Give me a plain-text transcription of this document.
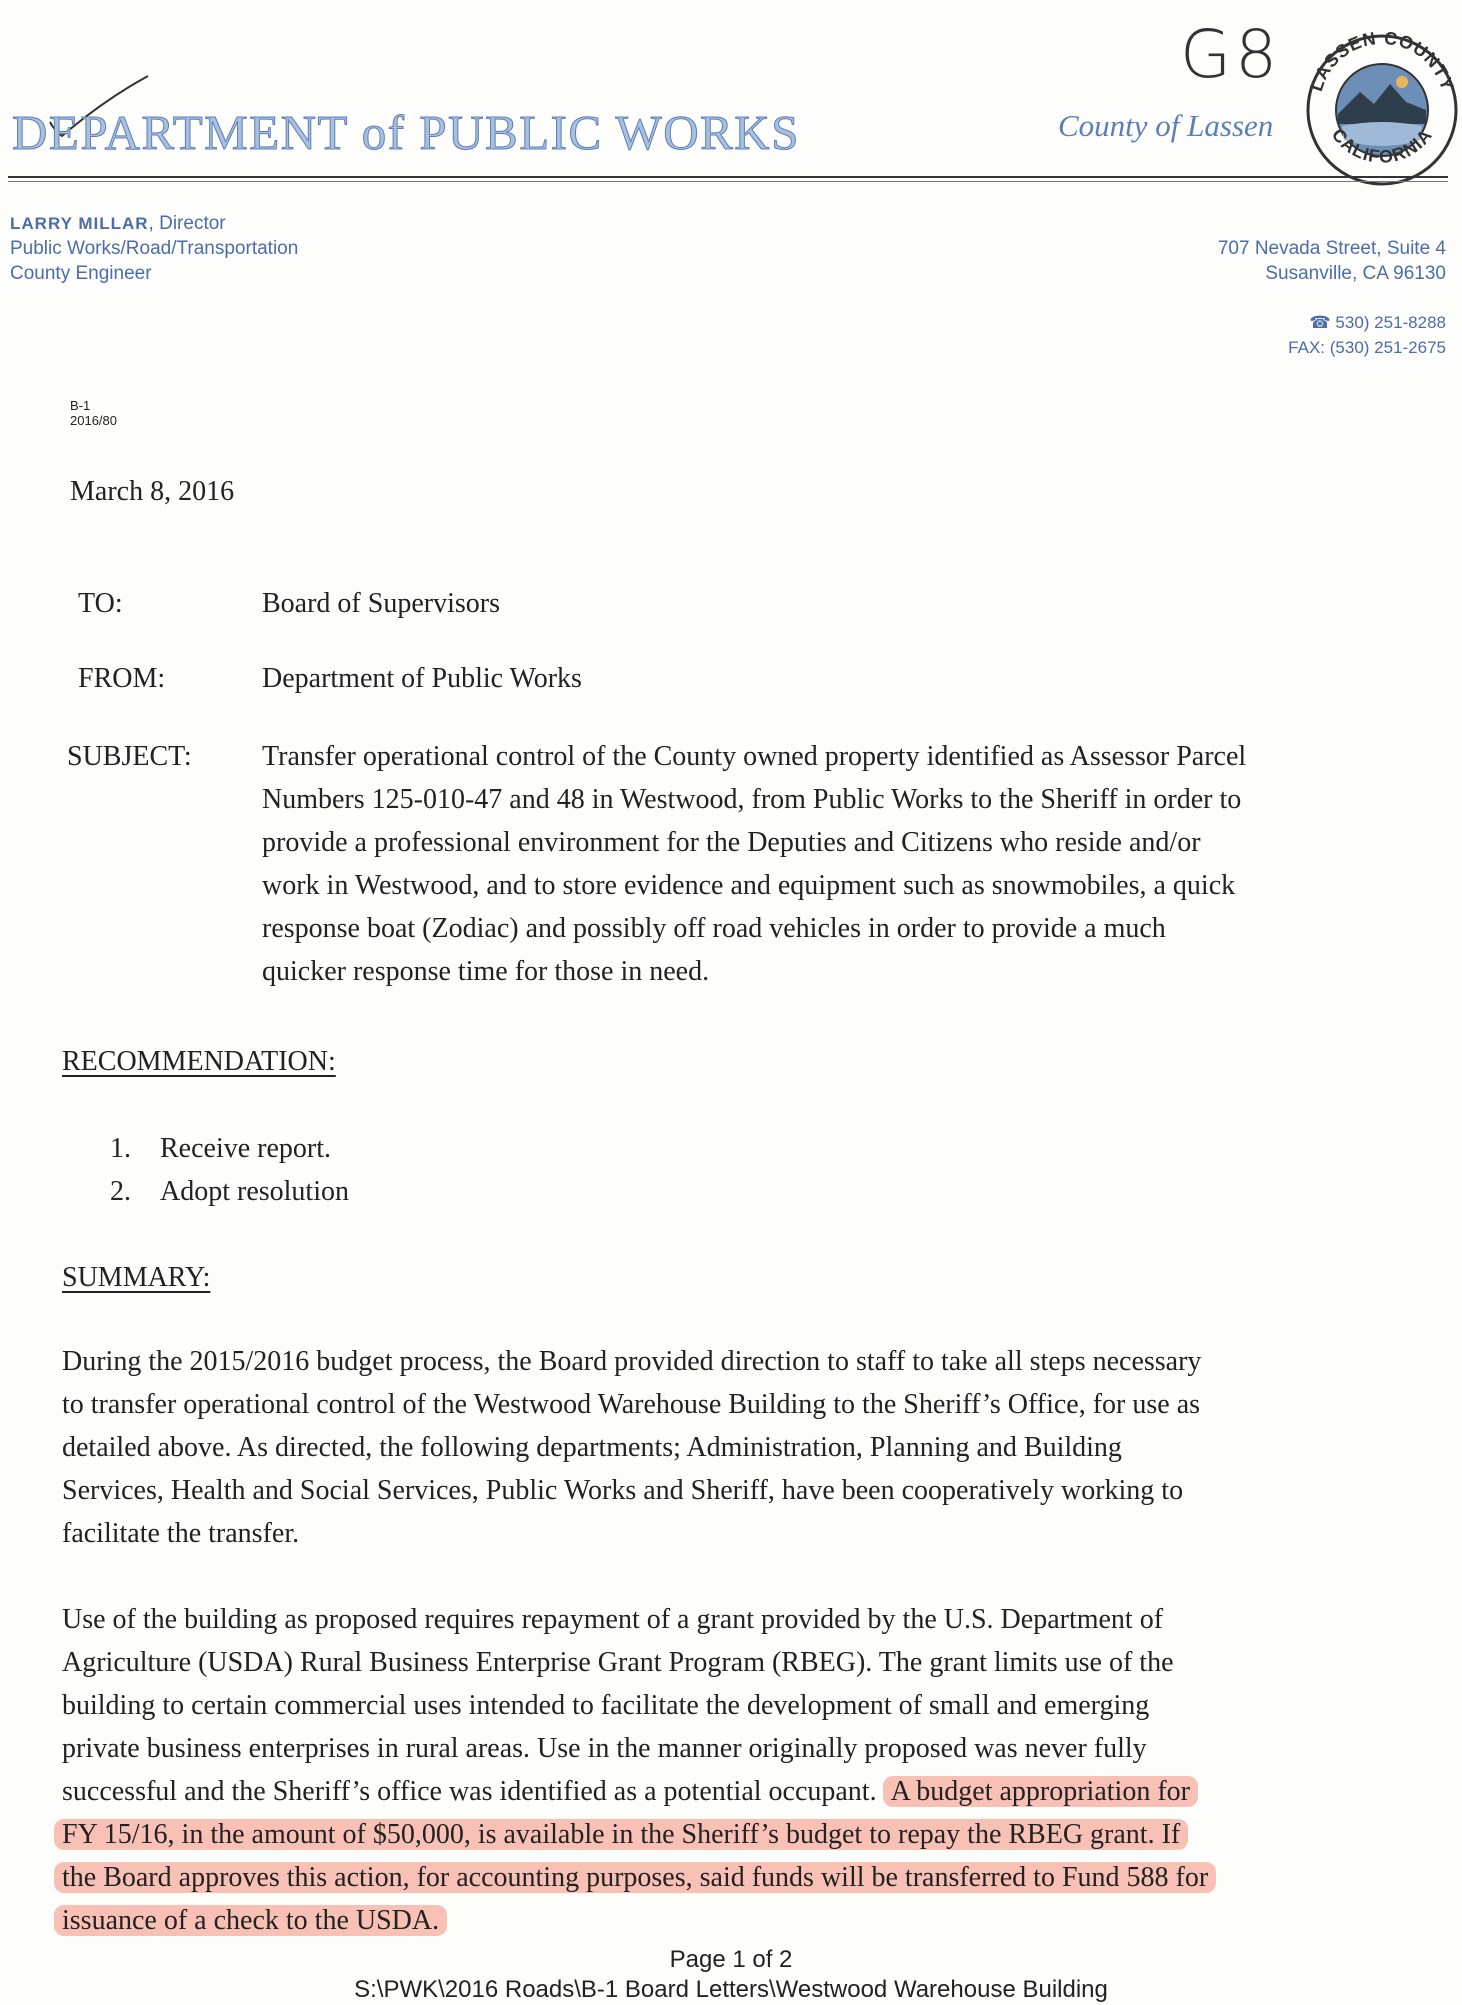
G8
DEPARTMENT of PUBLIC WORKS	County of Lassen
LASSEN COUNTY
CALIFORNIA
LARRY MILLAR, Director
Public Works/Road/Transportation
County Engineer
707 Nevada Street, Suite 4
Susanville, CA 96130
☎ 530) 251-8288
FAX: (530) 251-2675
B-1
2016/80
March 8, 2016
TO:	Board of Supervisors
FROM:	Department of Public Works
SUBJECT:	Transfer operational control of the County owned property identified as Assessor Parcel
Numbers 125-010-47 and 48 in Westwood, from Public Works to the Sheriff in order to
provide a professional environment for the Deputies and Citizens who reside and/or
work in Westwood, and to store evidence and equipment such as snowmobiles, a quick
response boat (Zodiac) and possibly off road vehicles in order to provide a much
quicker response time for those in need.
RECOMMENDATION:
1. Receive report.
2. Adopt resolution
SUMMARY:
During the 2015/2016 budget process, the Board provided direction to staff to take all steps necessary
to transfer operational control of the Westwood Warehouse Building to the Sheriff’s Office, for use as
detailed above. As directed, the following departments; Administration, Planning and Building
Services, Health and Social Services, Public Works and Sheriff, have been cooperatively working to
facilitate the transfer.
Use of the building as proposed requires repayment of a grant provided by the U.S. Department of
Agriculture (USDA) Rural Business Enterprise Grant Program (RBEG). The grant limits use of the
building to certain commercial uses intended to facilitate the development of small and emerging
private business enterprises in rural areas. Use in the manner originally proposed was never fully
successful and the Sheriff’s office was identified as a potential occupant.  A budget appropriation for
FY 15/16, in the amount of $50,000, is available in the Sheriff’s budget to repay the RBEG grant. If
the Board approves this action, for accounting purposes, said funds will be transferred to Fund 588 for
issuance of a check to the USDA.
Page 1 of 2
S:\PWK\2016 Roads\B-1 Board Letters\Westwood Warehouse Building
